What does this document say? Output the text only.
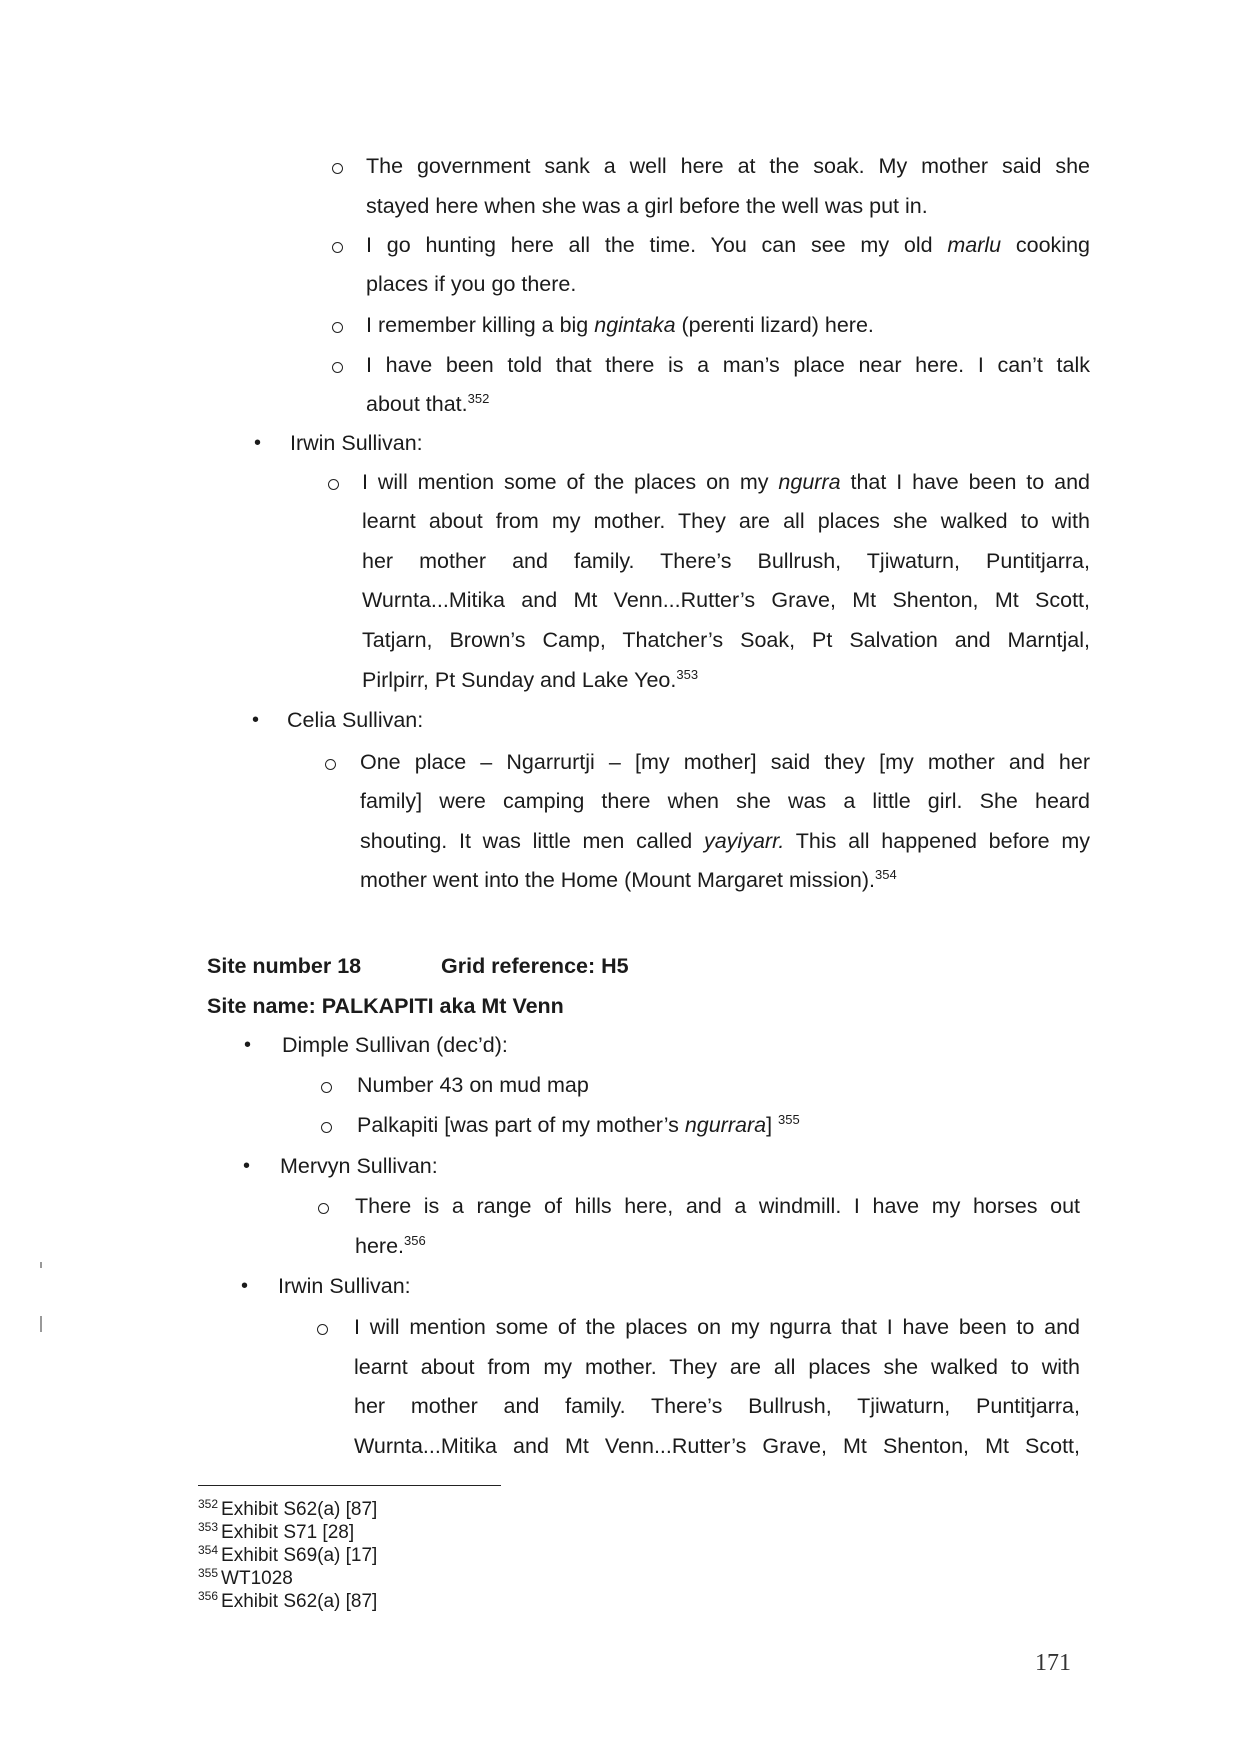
The government sank a well here at the soak. My mother said she
stayed here when she was a girl before the well was put in.
I go hunting here all the time. You can see my old marlu cooking
places if you go there.
I remember killing a big ngintaka (perenti lizard) here.
I have been told that there is a man’s place near here. I can’t talk
about that.$^{352}$
• Irwin Sullivan:
I will mention some of the places on my ngurra that I have been to and
learnt about from my mother. They are all places she walked to with
her mother and family. There’s Bullrush, Tjiwaturn, Puntitjarra,
Wurnta...Mitika and Mt Venn...Rutter’s Grave, Mt Shenton, Mt Scott,
Tatjarn, Brown’s Camp, Thatcher’s Soak, Pt Salvation and Marntjal,
Pirlpirr, Pt Sunday and Lake Yeo.$^{353}$
• Celia Sullivan:
One place – Ngarrurtji – [my mother] said they [my mother and her
family] were camping there when she was a little girl. She heard
shouting. It was little men called yayiyarr. This all happened before my
mother went into the Home (Mount Margaret mission).$^{354}$
Site number 18	Grid reference: H5
Site name: PALKAPITI aka Mt Venn
• Dimple Sullivan (dec’d):
Number 43 on mud map
Palkapiti [was part of my mother’s ngurrara] $^{355}$
• Mervyn Sullivan:
There is a range of hills here, and a windmill. I have my horses out
here.$^{356}$
• Irwin Sullivan:
I will mention some of the places on my ngurra that I have been to and
learnt about from my mother. They are all places she walked to with
her mother and family. There’s Bullrush, Tjiwaturn, Puntitjarra,
Wurnta...Mitika and Mt Venn...Rutter’s Grave, Mt Shenton, Mt Scott,
$^{352}$ Exhibit S62(a) [87]
$^{353}$ Exhibit S71 [28]
$^{354}$ Exhibit S69(a) [17]
$^{355}$ WT1028
$^{356}$ Exhibit S62(a) [87]
171
